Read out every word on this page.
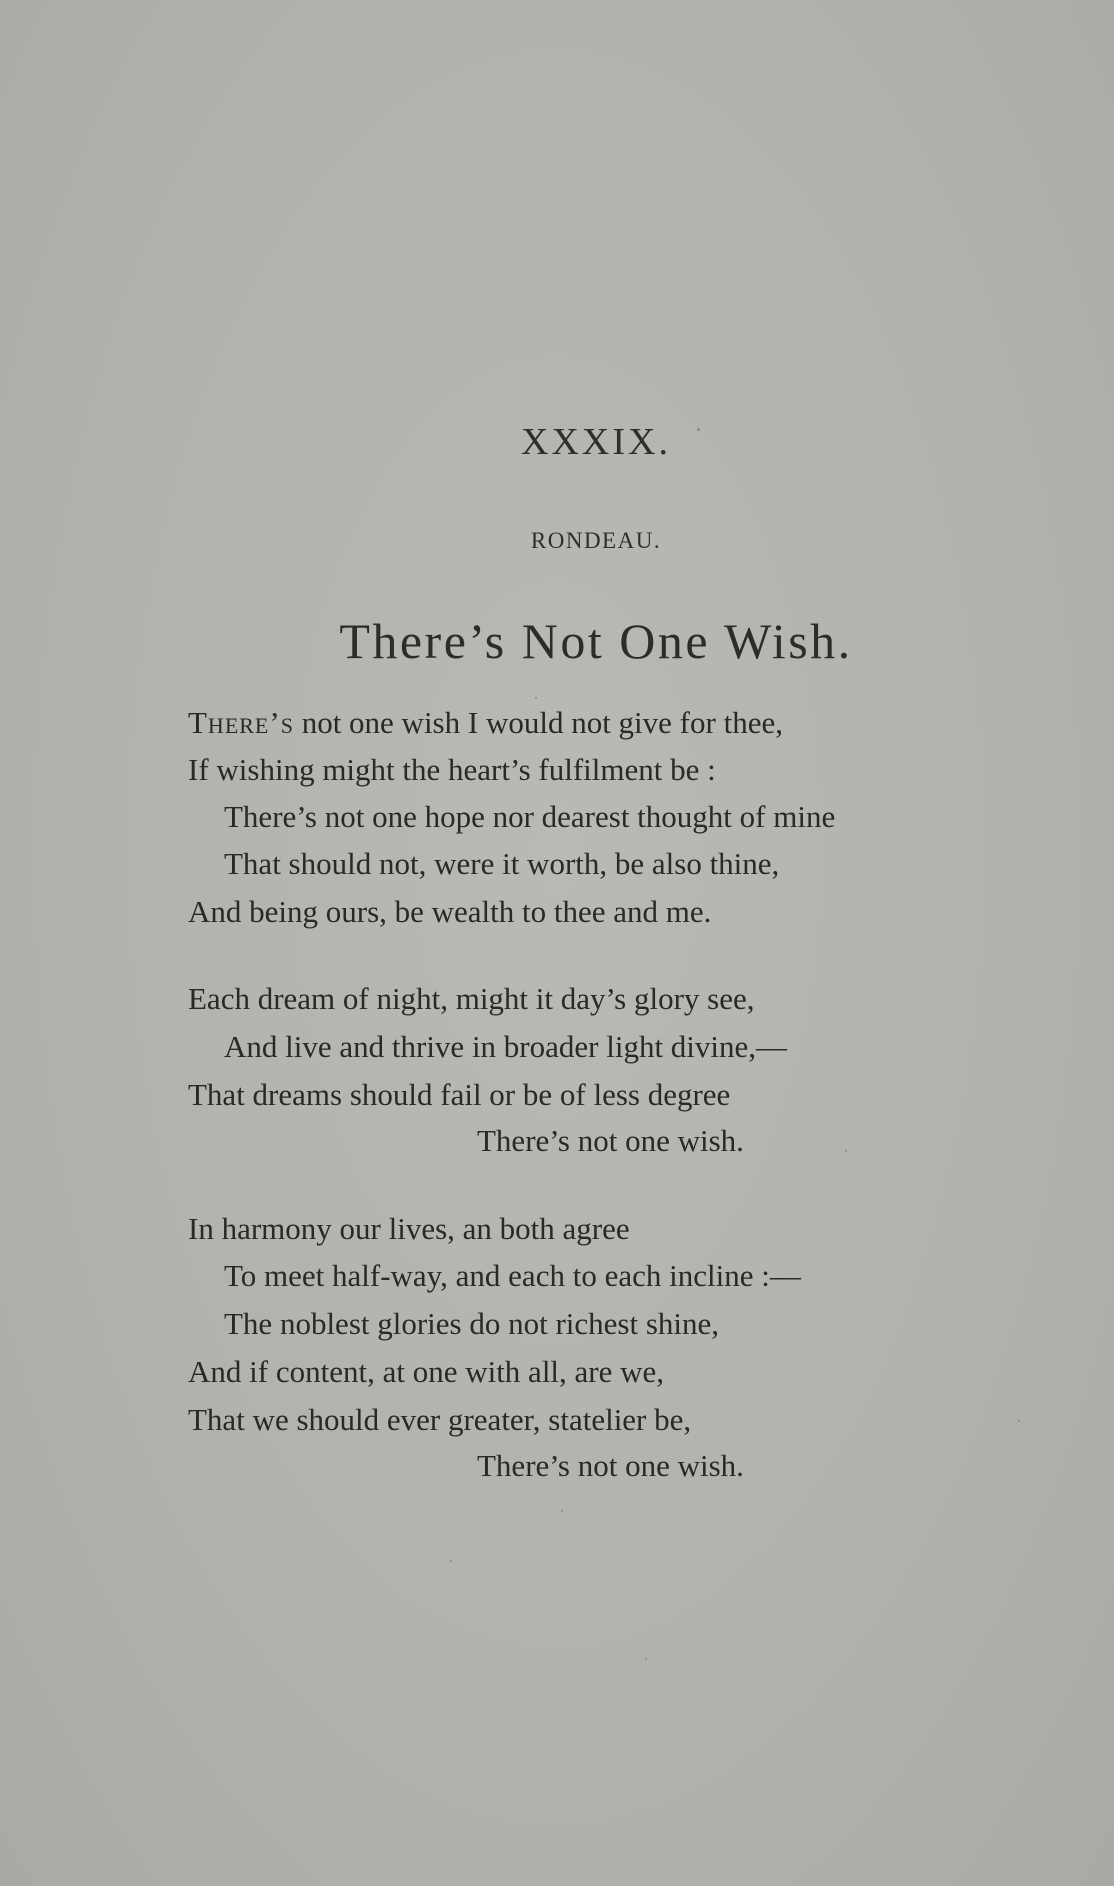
XXXIX.
RONDEAU.
There’s Not One Wish.
There’s not one wish I would not give for thee,
If wishing might the heart’s fulfilment be :
There’s not one hope nor dearest thought of mine
That should not, were it worth, be also thine,
And being ours, be wealth to thee and me.
Each dream of night, might it day’s glory see,
And live and thrive in broader light divine,—
That dreams should fail or be of less degree
There’s not one wish.
In harmony our lives, an both agree
To meet half-way, and each to each incline :—
The noblest glories do not richest shine,
And if content, at one with all, are we,
That we should ever greater, statelier be,
There’s not one wish.
